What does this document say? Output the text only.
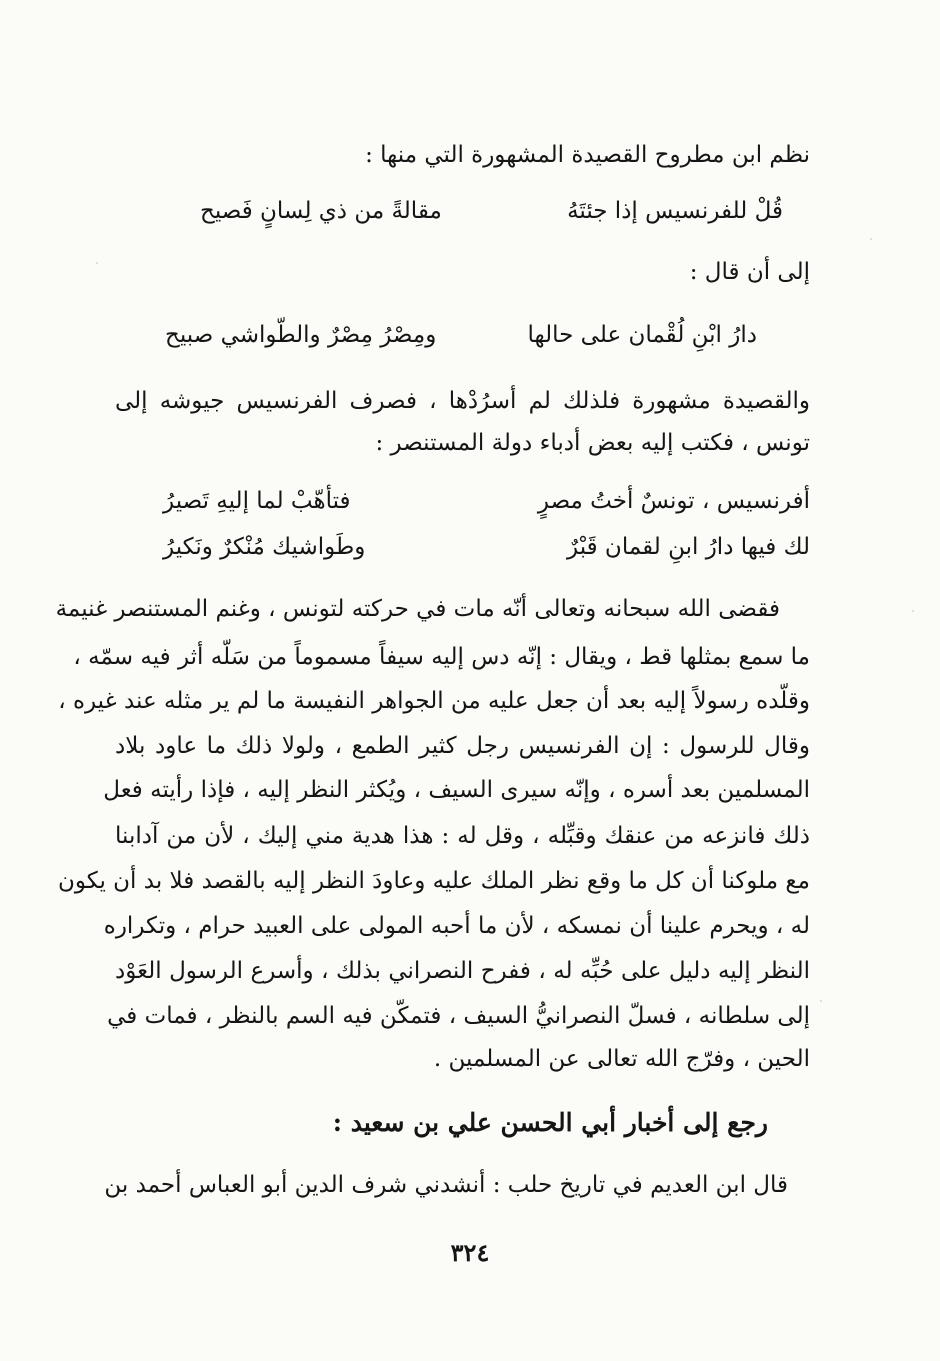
نظم ابن مطروح القصيدة المشهورة التي منها :
قُلْ للفرنسيس إذا جئتَهُ
مقالةً من ذي لِسانٍ فَصيح
إلى أن قال :
دارُ ابْنِ لُقْمان على حالها
ومِصْرُ مِصْرٌ والطّواشي صبيح
والقصيدة مشهورة فلذلك لم أسرُدْها ، فصرف الفرنسيس جيوشه إلى
تونس ، فكتب إليه بعض أدباء دولة المستنصر :
أفرنسيس ، تونسٌ أختُ مصرٍ
فتأهّبْ لما إليهِ تَصيرُ
لك فيها دارُ ابنِ لقمان قَبْرٌ
وطَواشيك مُنْكرٌ ونَكيرُ
فقضى الله سبحانه وتعالى أنّه مات في حركته لتونس ، وغنم المستنصر غنيمة
ما سمع بمثلها قط ، ويقال : إنّه دس إليه سيفاً مسموماً من سَلّه أثر فيه سمّه ،
وقلّده رسولاً إليه بعد أن جعل عليه من الجواهر النفيسة ما لم ير مثله عند غيره ،
وقال للرسول : إن الفرنسيس رجل كثير الطمع ، ولولا ذلك ما عاود بلاد
المسلمين بعد أسره ، وإنّه سيرى السيف ، ويُكثر النظر إليه ، فإذا رأيته فعل
ذلك فانزعه من عنقك وقبِّله ، وقل له : هذا هدية مني إليك ، لأن من آدابنا
مع ملوكنا أن كل ما وقع نظر الملك عليه وعاودَ النظر إليه بالقصد فلا بد أن يكون
له ، ويحرم علينا أن نمسكه ، لأن ما أحبه المولى على العبيد حرام ، وتكراره
النظر إليه دليل على حُبِّه له ، ففرح النصراني بذلك ، وأسرع الرسول العَوْد
إلى سلطانه ، فسلّ النصرانيُّ السيف ، فتمكّن فيه السم بالنظر ، فمات في
الحين ، وفرّج الله تعالى عن المسلمين .
رجع إلى أخبار أبي الحسن علي بن سعيد :
قال ابن العديم في تاريخ حلب : أنشدني شرف الدين أبو العباس أحمد بن
٣٢٤
